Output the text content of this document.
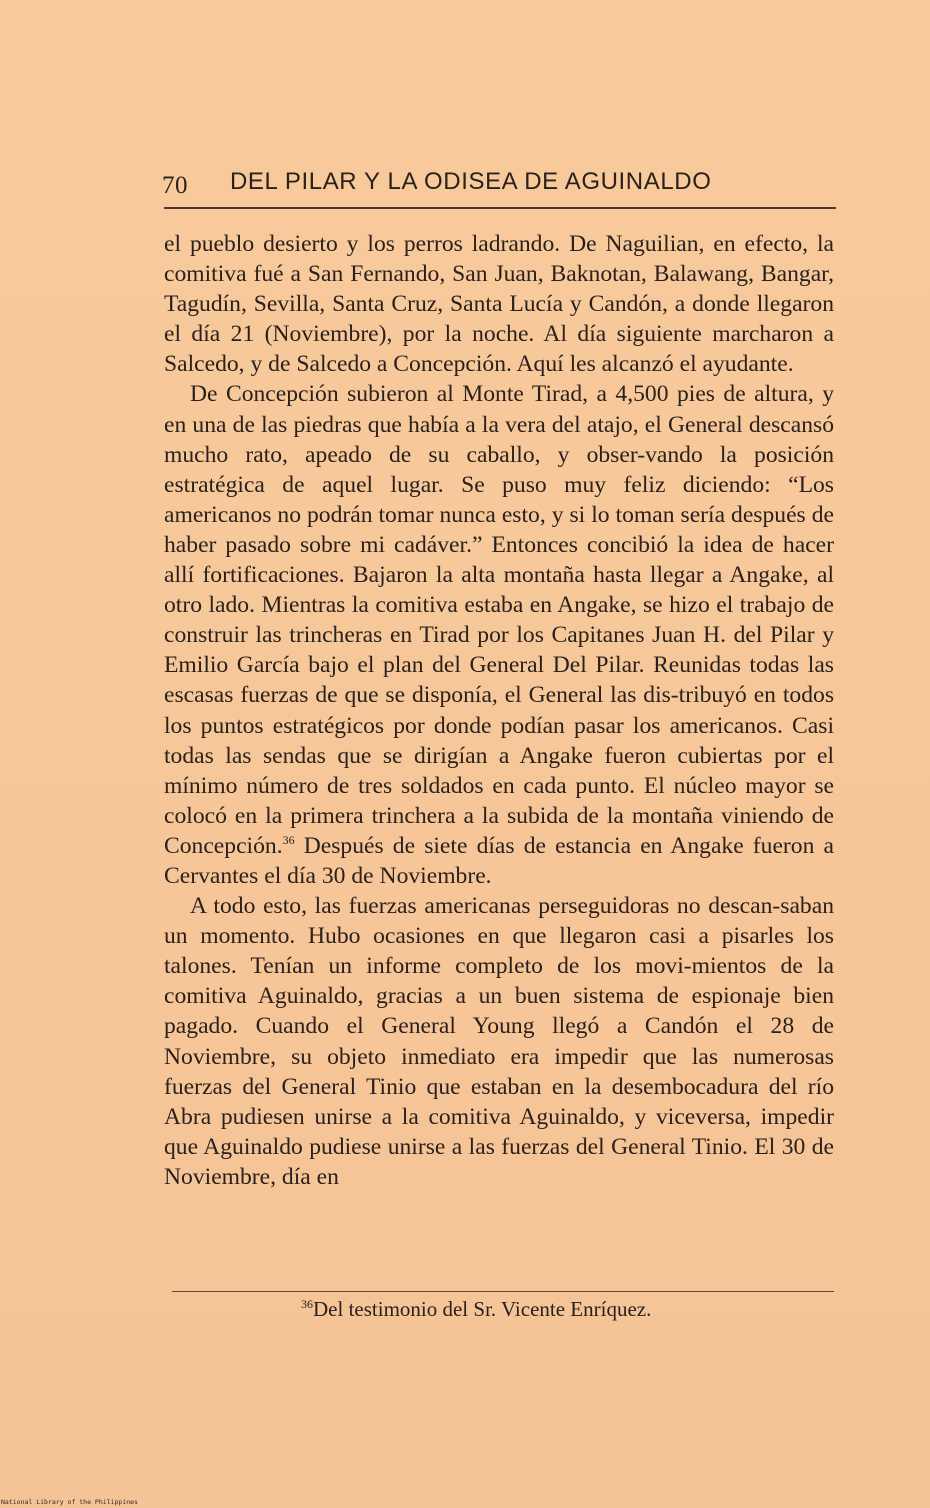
70 DEL PILAR Y LA ODISEA DE AGUINALDO

el pueblo desierto y los perros ladrando. De Naguilian, en efecto, la comitiva fué a San Fernando, San Juan, Baknotan, Balawang, Bangar, Tagudín, Sevilla, Santa Cruz, Santa Lucía y Candón, a donde llegaron el día 21 (Noviembre), por la noche. Al día siguiente marcharon a Salcedo, y de Salcedo a Concepción. Aquí les alcanzó el ayudante.

De Concepción subieron al Monte Tirad, a 4,500 pies de altura, y en una de las piedras que había a la vera del atajo, el General descansó mucho rato, apeado de su caballo, y obser-vando la posición estratégica de aquel lugar. Se puso muy feliz diciendo: “Los americanos no podrán tomar nunca esto, y si lo toman sería después de haber pasado sobre mi cadáver.” Entonces concibió la idea de hacer allí fortificaciones. Bajaron la alta montaña hasta llegar a Angake, al otro lado. Mientras la comitiva estaba en Angake, se hizo el trabajo de construir las trincheras en Tirad por los Capitanes Juan H. del Pilar y Emilio García bajo el plan del General Del Pilar. Reunidas todas las escasas fuerzas de que se disponía, el General las dis-tribuyó en todos los puntos estratégicos por donde podían pasar los americanos. Casi todas las sendas que se dirigían a Angake fueron cubiertas por el mínimo número de tres soldados en cada punto. El núcleo mayor se colocó en la primera trinchera a la subida de la montaña viniendo de Concepción.$^{36}$ Después de siete días de estancia en Angake fueron a Cervantes el día 30 de Noviembre.

A todo esto, las fuerzas americanas perseguidoras no descan-saban un momento. Hubo ocasiones en que llegaron casi a pisarles los talones. Tenían un informe completo de los movi-mientos de la comitiva Aguinaldo, gracias a un buen sistema de espionaje bien pagado. Cuando el General Young llegó a Candón el 28 de Noviembre, su objeto inmediato era impedir que las numerosas fuerzas del General Tinio que estaban en la desembocadura del río Abra pudiesen unirse a la comitiva Aguinaldo, y viceversa, impedir que Aguinaldo pudiese unirse a las fuerzas del General Tinio. El 30 de Noviembre, día en

$^{36}$Del testimonio del Sr. Vicente Enríquez.
National Library of the Philippines
